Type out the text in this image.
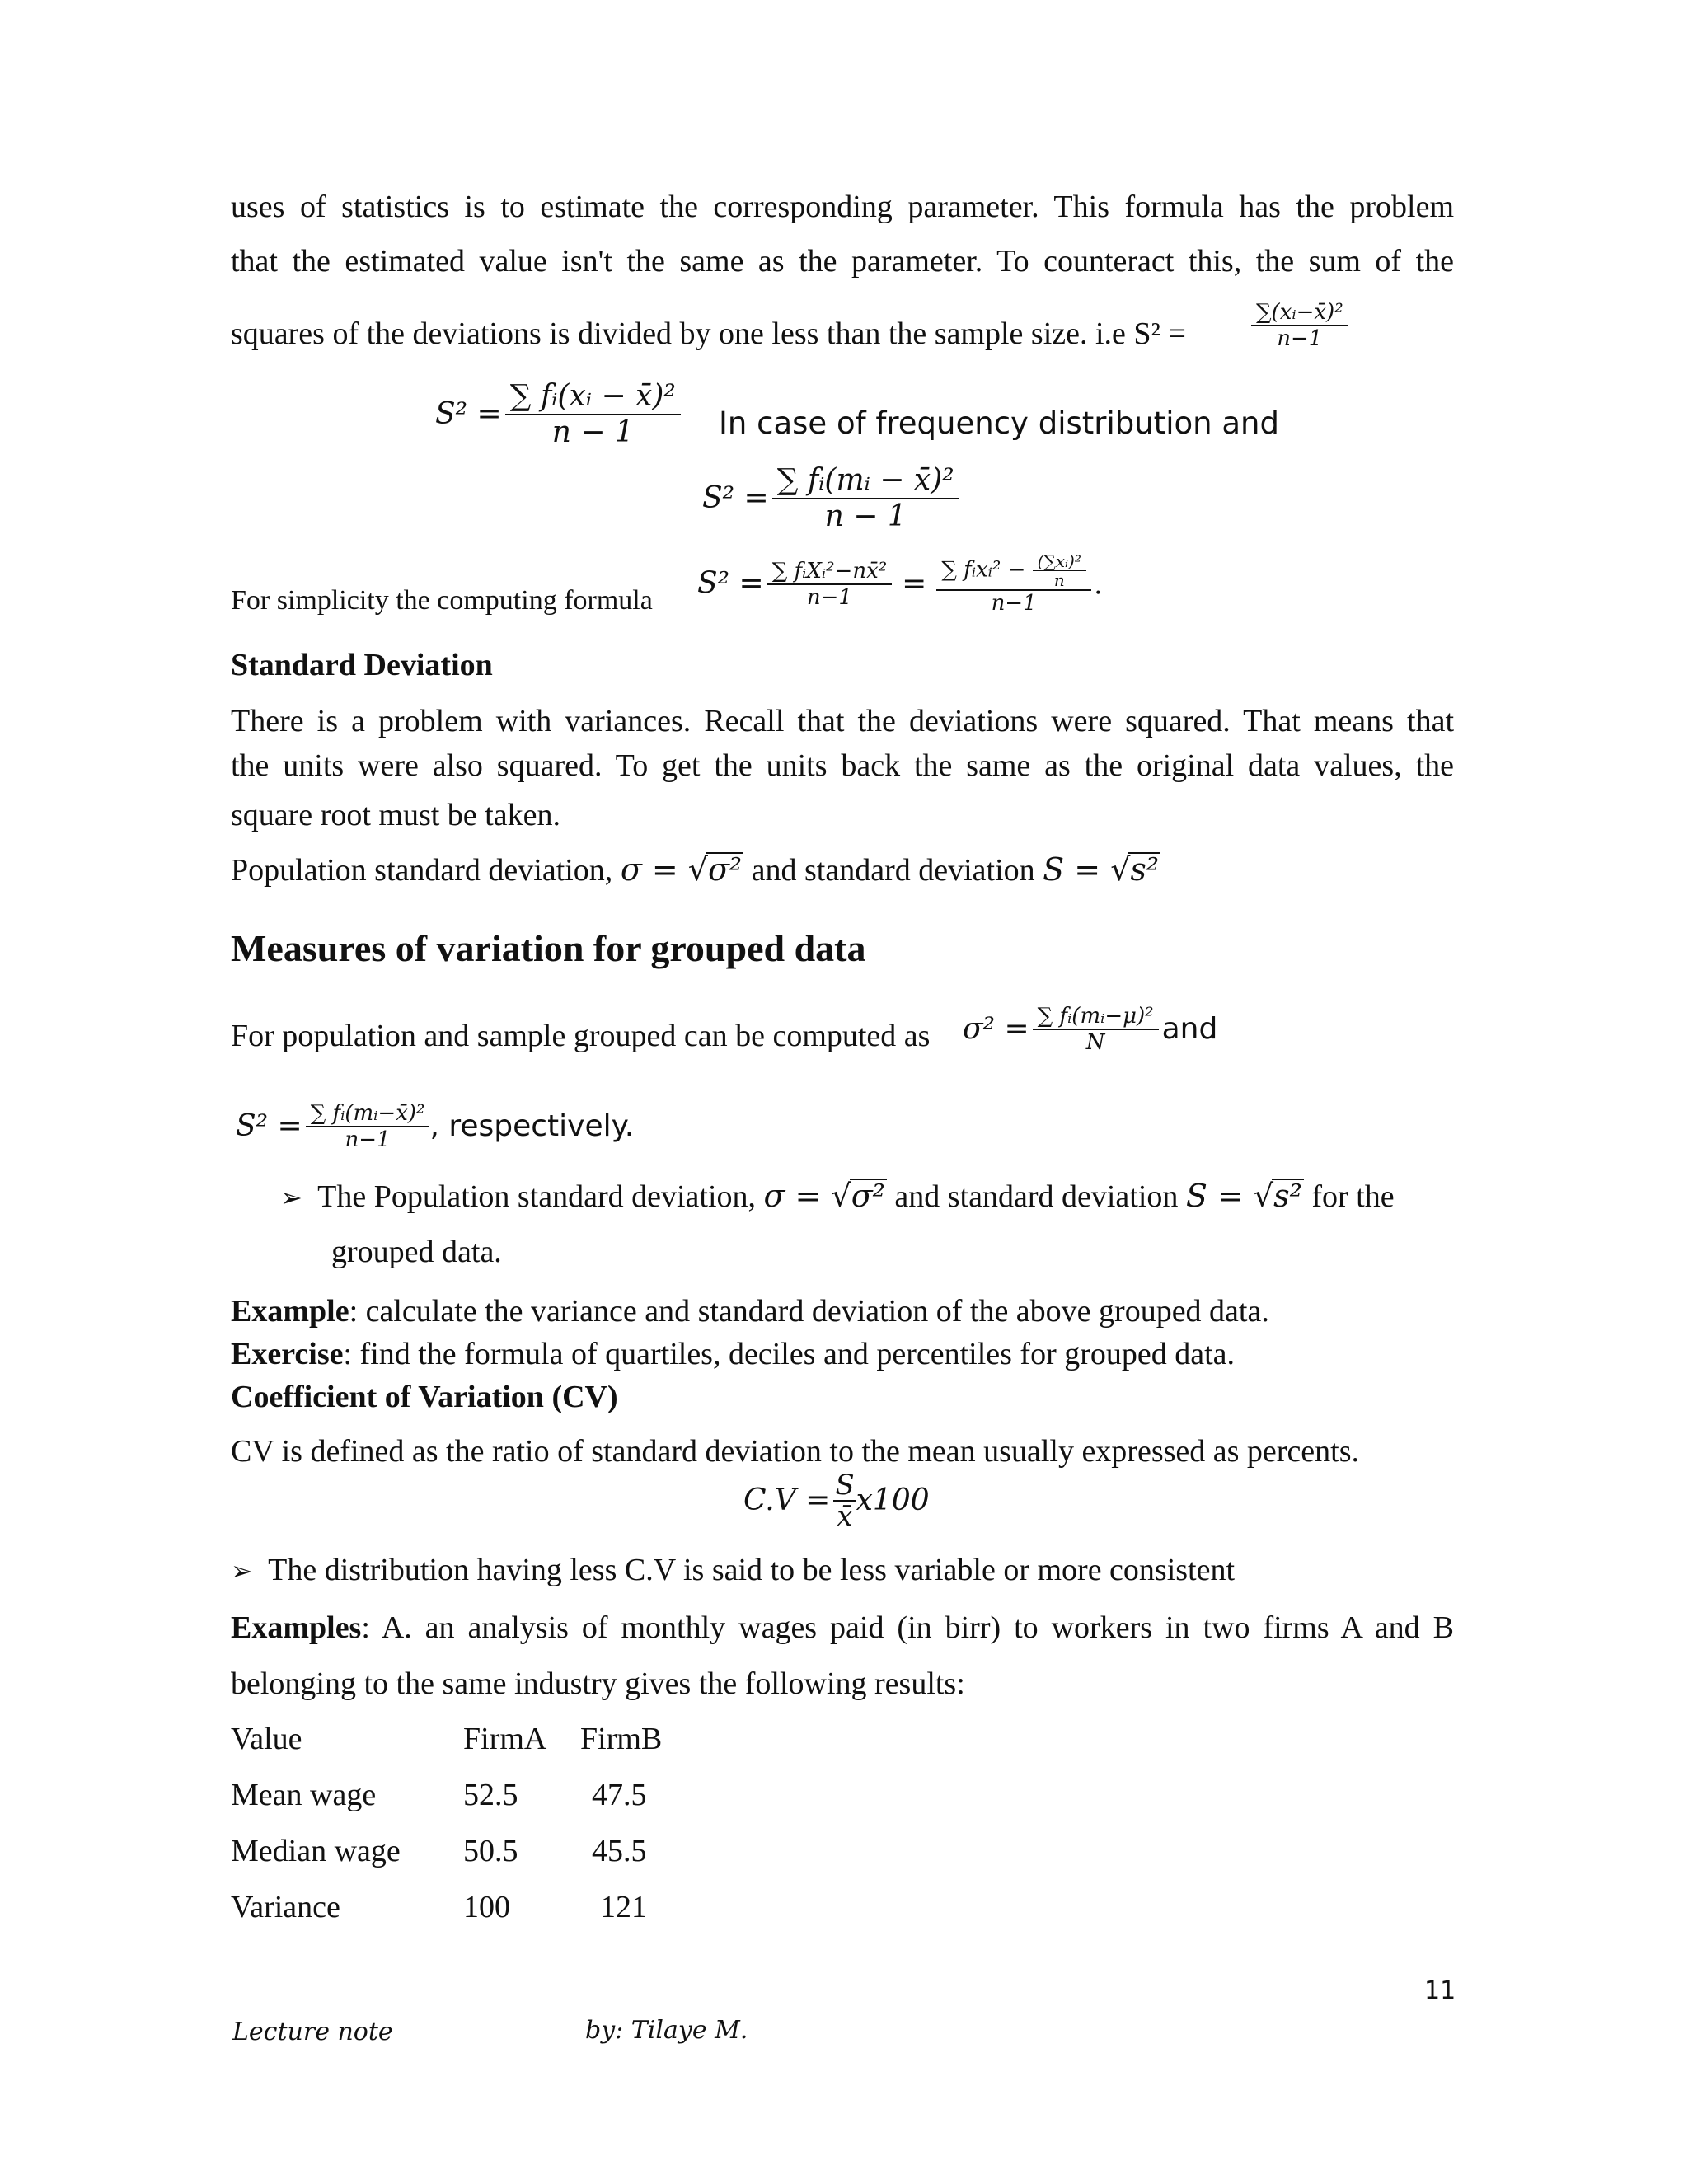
uses of statistics is to estimate the corresponding parameter. This formula has the problem
that the estimated value isn't the same as the parameter. To counteract this, the sum of the
squares of the deviations is divided by one less than the sample size. i.e S² =	$\frac{\text{∑(xᵢ−x̄)²}}{n-1}$
$S^2 = \frac{\text{∑ fᵢ(xᵢ − x̄)²}}{n - 1}$ In case of frequency distribution and
$S^2 = \frac{\text{∑ fᵢ(mᵢ − x̄)²}}{n - 1}$
For simplicity the computing formula $S^2 = \frac{\text{∑ fᵢXᵢ²−nx̄²}}{n-1} = \frac{\sum fᵢxᵢ^2 - \frac{\text{(∑xᵢ)²}}{n}}{n-1}$ .
Standard Deviation
There is a problem with variances. Recall that the deviations were squared. That means that
the units were also squared. To get the units back the same as the original data values, the
square root must be taken.
Population standard deviation, σ = √σ² and standard deviation S = √s²
Measures of variation for grouped data
For population and sample grouped can be computed as $\sigma^2 = \frac{\text{∑ fᵢ(mᵢ−μ)²}}{N}$ and
$S^2 = \frac{\text{∑ fᵢ(mᵢ−x̄)²}}{n-1}$ , respectively.
➢ The Population standard deviation, σ = √σ² and standard deviation S = √s² for the
grouped data.
Example: calculate the variance and standard deviation of the above grouped data.
Exercise: find the formula of quartiles, deciles and percentiles for grouped data.
Coefficient of Variation (CV)
CV is defined as the ratio of standard deviation to the mean usually expressed as percents.
$C.V = \frac{S}{x̄} x100$
➢ The distribution having less C.V is said to be less variable or more consistent
Examples: A. an analysis of monthly wages paid (in birr) to workers in two firms A and B
belonging to the same industry gives the following results:
Value	FirmA	FirmB
Mean wage	52.5	47.5
Median wage	50.5	45.5
Variance	100	121
11
Lecture note	by: Tilaye M.
